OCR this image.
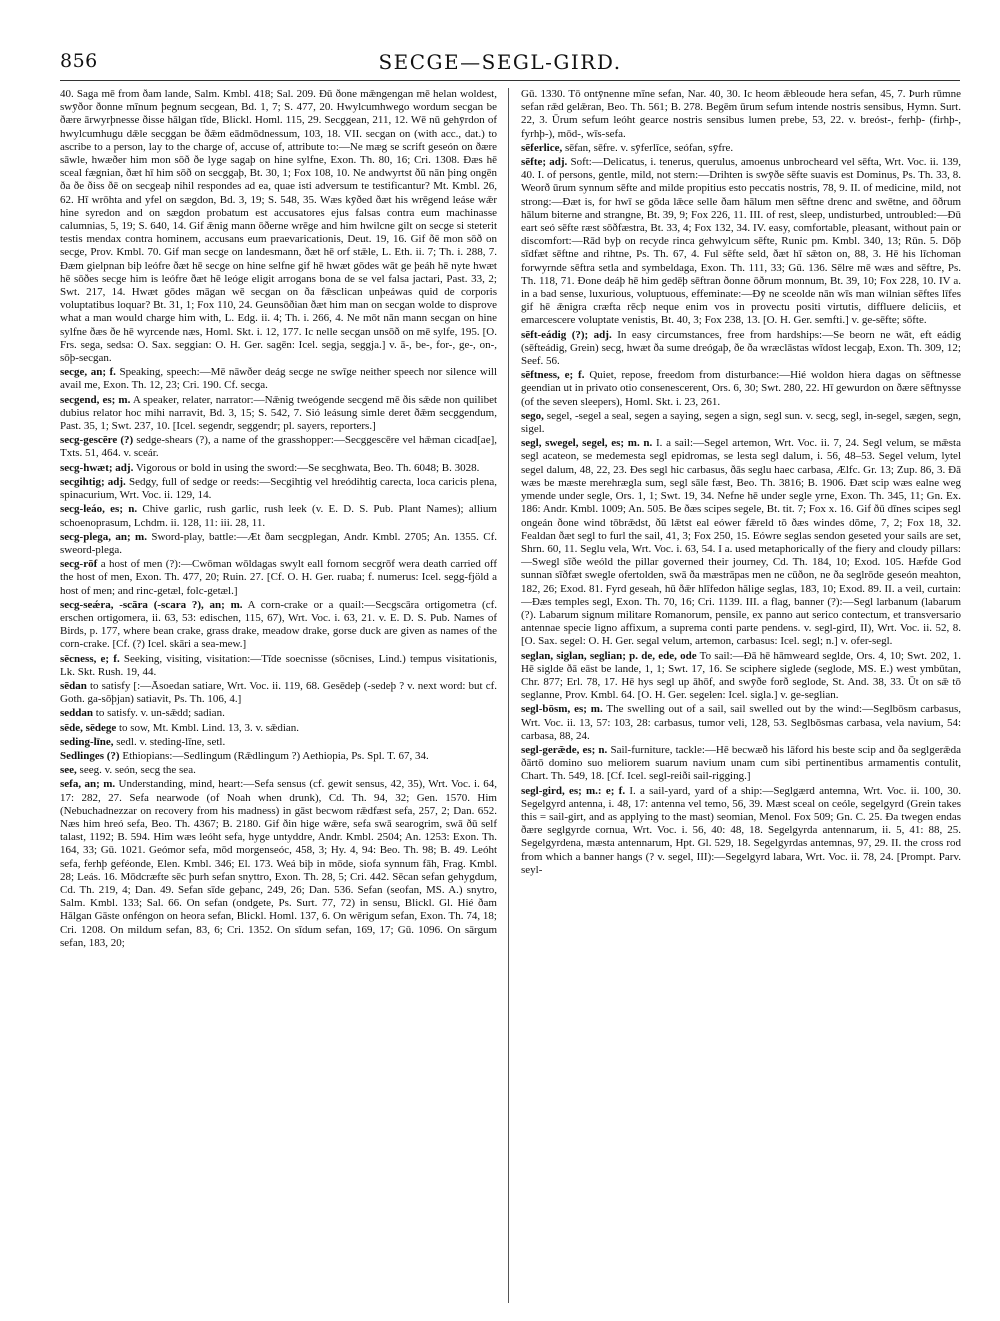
856	SECGE—SEGL-GIRD.
40. Saga mē from ðam lande, Salm. Kmbl. 418; Sal. 209. Ðū ðone mǣngengan mē helan woldest, swȳðor ðonne mīnum þegnum secgean, Bd. 1, 7; S. 477, 20. Hwylcumhwego wordum secgan be ðære ārwyrþnesse ðisse hālgan tīde, Blickl. Homl. 115, 29. Secggean, 211, 12. Wē nū gehȳrdon of hwylcumhugu dǣle secggan be ðǣm eādmōdnessum, 103, 18. VII. secgan on (with acc., dat.) to ascribe to a person, lay to the charge of, accuse of, attribute to:—Ne mæg se scrift geseón on ðære sāwle, hwæðer him mon sōð ðe lyge sagaþ on hine sylfne, Exon. Th. 80, 16; Cri. 1308. Ðæs hē sceal fægnian, ðæt hī him sōð on secggaþ, Bt. 30, 1; Fox 108, 10. Ne andwyrtst ðū nān þing ongēn ða ðe ðiss ðē on secgeaþ nihil respondes ad ea, quae isti adversum te testificantur? Mt. Kmbl. 26, 62. Hī wrōhta and yfel on sægdon, Bd. 3, 19; S. 548, 35. Wæs kȳðed ðæt his wrēgend leáse wǣr hine syredon and on sægdon probatum est accusatores ejus falsas contra eum machinasse calumnias, 5, 19; S. 640, 14. Gif ǣnig mann ōðerne wrēge and him hwilcne gilt on secge si steterit testis mendax contra hominem, accusans eum praevaricationis, Deut. 19, 16. Gif ðē mon sōð on secge, Prov. Kmbl. 70. Gif man secge on landesmann, ðæt hē orf stǣle, L. Eth. ii. 7; Th. i. 288, 7. Ðæm gielpnan biþ leófre ðæt hē secge on hine selfne gif hē hwæt gōdes wāt ge þeáh hē nyte hwæt hē sōðes secge him is leófre ðæt hē leóge eligit arrogans bona de se vel falsa jactari, Past. 33, 2; Swt. 217, 14. Hwæt gōdes māgan wē secgan on ða fǣsclican unþeáwas quid de corporis voluptatibus loquar? Bt. 31, 1; Fox 110, 24. Geunsōðian ðæt him man on secgan wolde to disprove what a man would charge him with, L. Edg. ii. 4; Th. i. 266, 4. Ne mōt nān mann secgan on hine sylfne ðæs ðe hē wyrcende næs, Homl. Skt. i. 12, 177. Ic nelle secgan unsōð on mē sylfe, 195. [O. Frs. sega, sedsa: O. Sax. seggian: O. H. Ger. sagēn: Icel. segja, seggja.] v. ā-, be-, for-, ge-, on-, sōþ-secgan.
secge, an; f. Speaking, speech:—Mē nāwðer deág secge ne swīge neither speech nor silence will avail me, Exon. Th. 12, 23; Cri. 190. Cf. secga.
secgend, es; m. A speaker, relater, narrator:—Nǣnig tweógende secgend mē ðis sǣde non quilibet dubius relator hoc mihi narravit, Bd. 3, 15; S. 542, 7. Sió leásung simle deret ðǣm secggendum, Past. 35, 1; Swt. 237, 10. [Icel. segendr, seggendr; pl. sayers, reporters.]
secg-gescēre (?) sedge-shears (?), a name of the grasshopper:—Secggescēre vel hǣman cicad[ae], Txts. 51, 464. v. sceár.
secg-hwæt; adj. Vigorous or bold in using the sword:—Se secghwata, Beo. Th. 6048; B. 3028.
secgihtig; adj. Sedgy, full of sedge or reeds:—Secgihtig vel hreódihtig carecta, loca caricis plena, spinacurium, Wrt. Voc. ii. 129, 14.
secg-leáo, es; n. Chive garlic, rush garlic, rush leek (v. E. D. S. Pub. Plant Names); allium schoenoprasum, Lchdm. ii. 128, 11: iii. 28, 11.
secg-plega, an; m. Sword-play, battle:—Æt ðam secgplegan, Andr. Kmbl. 2705; An. 1355. Cf. sweord-plega.
secg-rōf a host of men (?):—Cwōman wōldagas swylt eall fornom secgrōf wera death carried off the host of men, Exon. Th. 477, 20; Ruin. 27. [Cf. O. H. Ger. ruaba; f. numerus: Icel. segg-fjöld a host of men; and rinc-getæl, folc-getæl.]
secg-seǽra, -scāra (-scara ?), an; m. A corn-crake or a quail:—Secgscāra ortigometra (cf. erschen ortigomera, ii. 63, 53: edischen, 115, 67), Wrt. Voc. i. 63, 21. v. E. D. S. Pub. Names of Birds, p. 177, where bean crake, grass drake, meadow drake, gorse duck are given as names of the corn-crake. [Cf. (?) Icel. skāri a sea-mew.]
sēcness, e; f. Seeking, visiting, visitation:—Tīde soecnisse (sōcnises, Lind.) tempus visitationis, Lk. Skt. Rush. 19, 44.
sēdan to satisfy [:—Āsoedan satiare, Wrt. Voc. ii. 119, 68. Gesēdeþ (-sedeþ ? v. next word: but cf. Goth. ga-sōþjan) satiavit, Ps. Th. 106, 4.]
seddan to satisfy. v. un-sǣdd; sadian.
sēde, sēdege to sow, Mt. Kmbl. Lind. 13, 3. v. sǣdian.
seding-līne, sedl. v. steding-līne, setl.
Sedlinges (?) Ethiopians:—Sedlingum (Rǣdlingum ?) Aethiopia, Ps. Spl. T. 67, 34.
see, seeg. v. seón, secg the sea.
sefa, an; m. Understanding, mind, heart:—Sefa sensus (cf. gewit sensus, 42, 35), Wrt. Voc. i. 64, 17: 282, 27. Sefa nearwode (of Noah when drunk), Cd. Th. 94, 32; Gen. 1570. Him (Nebuchadnezzar on recovery from his madness) in gāst becwom rǣdfæst sefa, 257, 2; Dan. 652. Næs him hreó sefa, Beo. Th. 4367; B. 2180. Gif ðin hige wǣre, sefa swā searogrim, swā ðū self talast, 1192; B. 594. Him wæs leóht sefa, hyge untyddre, Andr. Kmbl. 2504; An. 1253: Exon. Th. 164, 33; Gū. 1021. Geómor sefa, mōd morgenseóc, 458, 3; Hy. 4, 94: Beo. Th. 98; B. 49. Leóht sefa, ferhþ geféonde, Elen. Kmbl. 346; El. 173. Weá biþ in mōde, siofa synnum fāh, Frag. Kmbl. 28; Leás. 16. Mōdcræfte sēc þurh sefan snyttro, Exon. Th. 28, 5; Cri. 442. Sēcan sefan gehygdum, Cd. Th. 219, 4; Dan. 49. Sefan sīde geþanc, 249, 26; Dan. 536. Sefan (seofan, MS. A.) snytro, Salm. Kmbl. 133; Sal. 66. On sefan (ondgete, Ps. Surt. 77, 72) in sensu, Blickl. Gl. Hié ðam Hālgan Gāste onféngon on heora sefan, Blickl. Homl. 137, 6. On wērigum sefan, Exon. Th. 74, 18; Cri. 1208. On mildum sefan, 83, 6; Cri. 1352. On sīdum sefan, 169, 17; Gū. 1096. On sārgum sefan, 183, 20;
Gū. 1330. Tō ontȳnenne mīne sefan, Nar. 40, 30. Ic heom ǣbleoude hera sefan, 45, 7. Þurh rūmne sefan rǣd gelǣran, Beo. Th. 561; B. 278. Begēm ūrum sefum intende nostris sensibus, Hymn. Surt. 22, 3. Ūrum sefum leóht gearce nostris sensibus lumen prebe, 53, 22. v. breóst-, ferhþ- (firhþ-, fyrhþ-), mōd-, wīs-sefa.
sēferlice, sēfan, sēfre. v. sȳferlīce, seófan, sȳfre.
sēfte; adj. Soft:—Delicatus, i. tenerus, querulus, amoenus unbrocheard vel sēfta, Wrt. Voc. ii. 139, 40. I. of persons, gentle, mild, not stern:—Drihten is swȳðe sēfte suavis est Dominus, Ps. Th. 33, 8. Weorð ūrum synnum sēfte and milde propitius esto peccatis nostris, 78, 9. II. of medicine, mild, not strong:—Ðæt is, for hwī se gōda lǣce selle ðam hālum men sēftne drenc and swētne, and ōðrum hālum biterne and strangne, Bt. 39, 9; Fox 226, 11. III. of rest, sleep, undisturbed, untroubled:—Ðū eart seó sēfte ræst sōðfæstra, Bt. 33, 4; Fox 132, 34. IV. easy, comfortable, pleasant, without pain or discomfort:—Rād byþ on recyde rinca gehwylcum sēfte, Runic pm. Kmbl. 340, 13; Rūn. 5. Dōþ sīdfæt sēftne and rihtne, Ps. Th. 67, 4. Ful sēfte seld, ðæt hī sǣton on, 88, 3. Hē his līchoman forwyrnde sēftra setla and symbeldaga, Exon. Th. 111, 33; Gū. 136. Sēlre mē wæs and sēftre, Ps. Th. 118, 71. Ðone deáþ hē him gedēþ sēftran ðonne ōðrum monnum, Bt. 39, 10; Fox 228, 10. IV a. in a bad sense, luxurious, voluptuous, effeminate:—Ðȳ ne sceolde nān wīs man wilnian sēftes līfes gif hē ǣnigra cræfta rēcþ neque enim vos in provectu positi virtutis, diffluere deliciis, et emarcescere voluptate venistis, Bt. 40, 3; Fox 238, 13. [O. H. Ger. semfti.] v. ge-sēfte; sōfte.
sēft-eádig (?); adj. In easy circumstances, free from hardships:—Se beorn ne wāt, eft eádig (sēfteádig, Grein) secg, hwæt ða sume dreógaþ, ðe ða wræclāstas wīdost lecgaþ, Exon. Th. 309, 12; Seef. 56.
sēftness, e; f. Quiet, repose, freedom from disturbance:—Hié woldon hiera dagas on sēftnesse geendian ut in privato otio consenescerent, Ors. 6, 30; Swt. 280, 22. Hī gewurdon on ðære sēftnysse (of the seven sleepers), Homl. Skt. i. 23, 261.
sego, segel, -segel a seal, segen a saying, segen a sign, segl sun. v. secg, segl, in-segel, sægen, segn, sigel.
segl, swegel, segel, es; m. n. I. a sail:—Segel artemon, Wrt. Voc. ii. 7, 24. Segl velum, se mǣsta segl acateon, se medemesta segl epidromas, se lesta segl dalum, i. 56, 48–53. Segel velum, lytel segel dalum, 48, 22, 23. Ðes segl hic carbasus, ðās seglu haec carbasa, Ælfc. Gr. 13; Zup. 86, 3. Ðā wæs be mæste merehrægla sum, segl sāle fæst, Beo. Th. 3816; B. 1906. Ðæt scip wæs ealne weg ymende under segle, Ors. 1, 1; Swt. 19, 34. Nefne hē under segle yrne, Exon. Th. 345, 11; Gn. Ex. 186: Andr. Kmbl. 1009; An. 505. Be ðæs scipes segele, Bt. tit. 7; Fox x. 16. Gif ðū dīnes scipes segl ongeán ðone wind tōbrǣdst, ðū lǣtst eal eówer fǣreld tō ðæs windes dōme, 7, 2; Fox 18, 32. Fealdan ðæt segl to furl the sail, 41, 3; Fox 250, 15. Eówre seglas sendon geseted your sails are set, Shrn. 60, 11. Seglu vela, Wrt. Voc. i. 63, 54. I a. used metaphorically of the fiery and cloudy pillars:—Swegl sīðe weóld the pillar governed their journey, Cd. Th. 184, 10; Exod. 105. Hæfde God sunnan sīðfæt swegle ofertolden, swā ða mæstrāpas men ne cūðon, ne ða seglrōde geseón meahton, 182, 26; Exod. 81. Fyrd geseah, hū ðǣr hlīfedon hālige seglas, 183, 10; Exod. 89. II. a veil, curtain:—Ðæs temples segl, Exon. Th. 70, 16; Cri. 1139. III. a flag, banner (?):—Segl larbanum (labarum (?). Labarum signum militare Romanorum, pensile, ex panno aut serico contectum, et transversario antennae specie ligno affixum, a suprema conti parte pendens. v. segl-gird, II), Wrt. Voc. ii. 52, 8. [O. Sax. segel: O. H. Ger. segal velum, artemon, carbasus: Icel. segl; n.] v. ofer-segl.
seglan, siglan, seglian; p. de, ede, ode To sail:—Ðā hē hāmweard seglde, Ors. 4, 10; Swt. 202, 1. Hē siglde ðā eāst be lande, 1, 1; Swt. 17, 16. Se sciphere siglede (seglode, MS. E.) west ymbūtan, Chr. 877; Erl. 78, 17. Hē hys segl up āhōf, and swȳðe forð seglode, St. And. 38, 33. Ūt on sǣ tō seglanne, Prov. Kmbl. 64. [O. H. Ger. segelen: Icel. sigla.] v. ge-seglian.
segl-bōsm, es; m. The swelling out of a sail, sail swelled out by the wind:—Seglbōsm carbasus, Wrt. Voc. ii. 13, 57: 103, 28: carbasus, tumor veli, 128, 53. Seglbōsmas carbasa, vela navium, 54: carbasa, 88, 24.
segl-gerǣde, es; n. Sail-furniture, tackle:—Hē becwæð his lāford his beste scip and ða seglgerǣda ðārtō domino suo meliorem suarum navium unam cum sibi pertinentibus armamentis contulit, Chart. Th. 549, 18. [Cf. Icel. segl-reiði sail-rigging.]
segl-gird, es; m.: e; f. I. a sail-yard, yard of a ship:—Seglgærd antemna, Wrt. Voc. ii. 100, 30. Segelgyrd antenna, i. 48, 17: antenna vel temo, 56, 39. Mæst sceal on ceóle, segelgyrd (Grein takes this = sail-girt, and as applying to the mast) seomian, Menol. Fox 509; Gn. C. 25. Ða twegen endas ðære seglgyrde cornua, Wrt. Voc. i. 56, 40: 48, 18. Segelgyrda antennarum, ii. 5, 41: 88, 25. Segelgyrdena, mæsta antennarum, Hpt. Gl. 529, 18. Segelgyrdas antemnas, 97, 29. II. the cross rod from which a banner hangs (? v. segel, III):—Segelgyrd labara, Wrt. Voc. ii. 78, 24. [Prompt. Parv. seyl-
